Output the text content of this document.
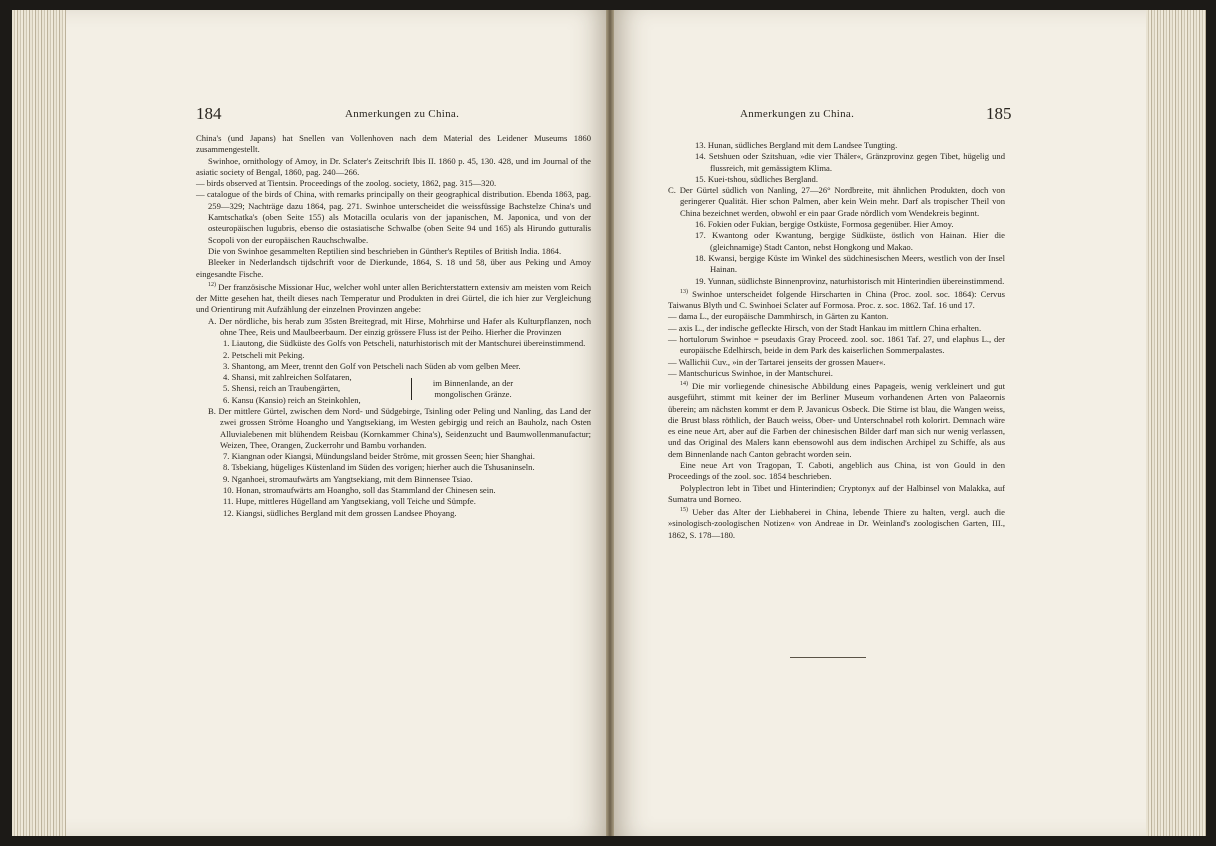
184	Anmerkungen zu China.

China's (und Japans) hat Snellen van Vollenhoven nach dem Material des Leidener Museums 1860 zusammengestellt.

Swinhoe, ornithology of Amoy, in Dr. Sclater's Zeitschrift Ibis II. 1860 p. 45, 130. 428, und im Journal of the asiatic society of Bengal, 1860, pag. 240—266.

— birds observed at Tientsin. Proceedings of the zoolog. society, 1862, pag. 315—320.

— catalogue of the birds of China, with remarks principally on their geographical distribution. Ebenda 1863, pag. 259—329; Nachträge dazu 1864, pag. 271. Swinhoe unterscheidet die weissfüssige Bachstelze China's und Kamtschatka's (oben Seite 155) als Motacilla ocularis von der japanischen, M. Japonica, und von der osteuropäischen lugubris, ebenso die ostasiatische Schwalbe (oben Seite 94 und 165) als Hirundo gutturalis Scopoli von der europäischen Rauchschwalbe.

Die von Swinhoe gesammelten Reptilien sind beschrieben in Günther's Reptiles of British India. 1864.

Bleeker in Nederlandsch tijdschrift voor de Dierkunde, 1864, S. 18 und 58, über aus Peking und Amoy eingesandte Fische.

$^{12)}$ Der französische Missionar Huc, welcher wohl unter allen Berichterstattern extensiv am meisten vom Reich der Mitte gesehen hat, theilt dieses nach Temperatur und Produkten in drei Gürtel, die ich hier zur Vergleichung und Orientirung mit Aufzählung der einzelnen Provinzen angebe:

A. Der nördliche, bis herab zum 35sten Breitegrad, mit Hirse, Mohrhirse und Hafer als Kulturpflanzen, noch ohne Thee, Reis und Maulbeerbaum. Der einzig grössere Fluss ist der Peiho. Hierher die Provinzen

1. Liautong, die Südküste des Golfs von Petscheli, naturhistorisch mit der Mantschurei übereinstimmend.

2. Petscheli mit Peking.

3. Shantong, am Meer, trennt den Golf von Petscheli nach Süden ab vom gelben Meer.

4. Shansi, mit zahlreichen Solfataren,
5. Shensi, reich an Traubengärten,
6. Kansu (Kansio) reich an Steinkohlen,
im Binnenlande, an der mongolischen Gränze.

B. Der mittlere Gürtel, zwischen dem Nord- und Südgebirge, Tsinling oder Peling und Nanling, das Land der zwei grossen Ströme Hoangho und Yangtsekiang, im Westen gebirgig und reich an Bauholz, nach Osten Alluvialebenen mit blühendem Reisbau (Kornkammer China's), Seidenzucht und Baumwollenmanufactur; Weizen, Thee, Orangen, Zuckerrohr und Bambu vorhanden.

7. Kiangnan oder Kiangsi, Mündungsland beider Ströme, mit grossen Seen; hier Shanghai.

8. Tsbekiang, hügeliges Küstenland im Süden des vorigen; hierher auch die Tshusaninseln.

9. Nganhoei, stromaufwärts am Yangtsekiang, mit dem Binnensee Tsiao.

10. Honan, stromaufwärts am Hoangho, soll das Stammland der Chinesen sein.

11. Hupe, mittleres Hügelland am Yangtsekiang, voll Teiche und Sümpfe.

12. Kiangsi, südliches Bergland mit dem grossen Landsee Phoyang.

Anmerkungen zu China.	185

13. Hunan, südliches Bergland mit dem Landsee Tungting.

14. Setshuen oder Szitshuan, »die vier Thäler«, Gränzprovinz gegen Tibet, hügelig und flussreich, mit gemässigtem Klima.

15. Kuei-tshou, südliches Bergland.

C. Der Gürtel südlich von Nanling, 27—26° Nordbreite, mit ähnlichen Produkten, doch von geringerer Qualität. Hier schon Palmen, aber kein Wein mehr. Darf als tropischer Theil von China bezeichnet werden, obwohl er ein paar Grade nördlich vom Wendekreis beginnt.

16. Fokien oder Fukian, bergige Ostküste, Formosa gegenüber. Hier Amoy.

17. Kwantong oder Kwantung, bergige Südküste, östlich von Hainan. Hier die (gleichnamige) Stadt Canton, nebst Hongkong und Makao.

18. Kwansi, bergige Küste im Winkel des südchinesischen Meers, westlich von der Insel Hainan.

19. Yunnan, südlichste Binnenprovinz, naturhistorisch mit Hinterindien übereinstimmend.

$^{13)}$ Swinhoe unterscheidet folgende Hirscharten in China (Proc. zool. soc. 1864): Cervus Taiwanus Blyth und C. Swinhoei Sclater auf Formosa. Proc. z. soc. 1862. Taf. 16 und 17.

— dama L., der europäische Dammhirsch, in Gärten zu Kanton.

— axis L., der indische gefleckte Hirsch, von der Stadt Hankau im mittlern China erhalten.

— hortulorum Swinhoe = pseudaxis Gray Proceed. zool. soc. 1861 Taf. 27, und elaphus L., der europäische Edelhirsch, beide in dem Park des kaiserlichen Sommerpalastes.

— Wallichii Cuv., »in der Tartarei jenseits der grossen Mauer«.

— Mantschuricus Swinhoe, in der Mantschurei.

$^{14)}$ Die mir vorliegende chinesische Abbildung eines Papageis, wenig verkleinert und gut ausgeführt, stimmt mit keiner der im Berliner Museum vorhandenen Arten von Palaeornis überein; am nächsten kommt er dem P. Javanicus Osbeck. Die Stirne ist blau, die Wangen weiss, die Brust blass röthlich, der Bauch weiss, Ober- und Unterschnabel roth kolorirt. Demnach wäre es eine neue Art, aber auf die Farben der chinesischen Bilder darf man sich nur wenig verlassen, und das Original des Malers kann ebensowohl aus dem indischen Archipel zu Schiffe, als aus dem Binnenlande nach Canton gebracht worden sein.

Eine neue Art von Tragopan, T. Caboti, angeblich aus China, ist von Gould in den Proceedings of the zool. soc. 1854 beschrieben.

Polyplectron lebt in Tibet und Hinterindien; Cryptonyx auf der Halbinsel von Malakka, auf Sumatra und Borneo.

$^{15)}$ Ueber das Alter der Liebhaberei in China, lebende Thiere zu halten, vergl. auch die »sinologisch-zoologischen Notizen« von Andreae in Dr. Weinland's zoologischen Garten, III., 1862, S. 178—180.
